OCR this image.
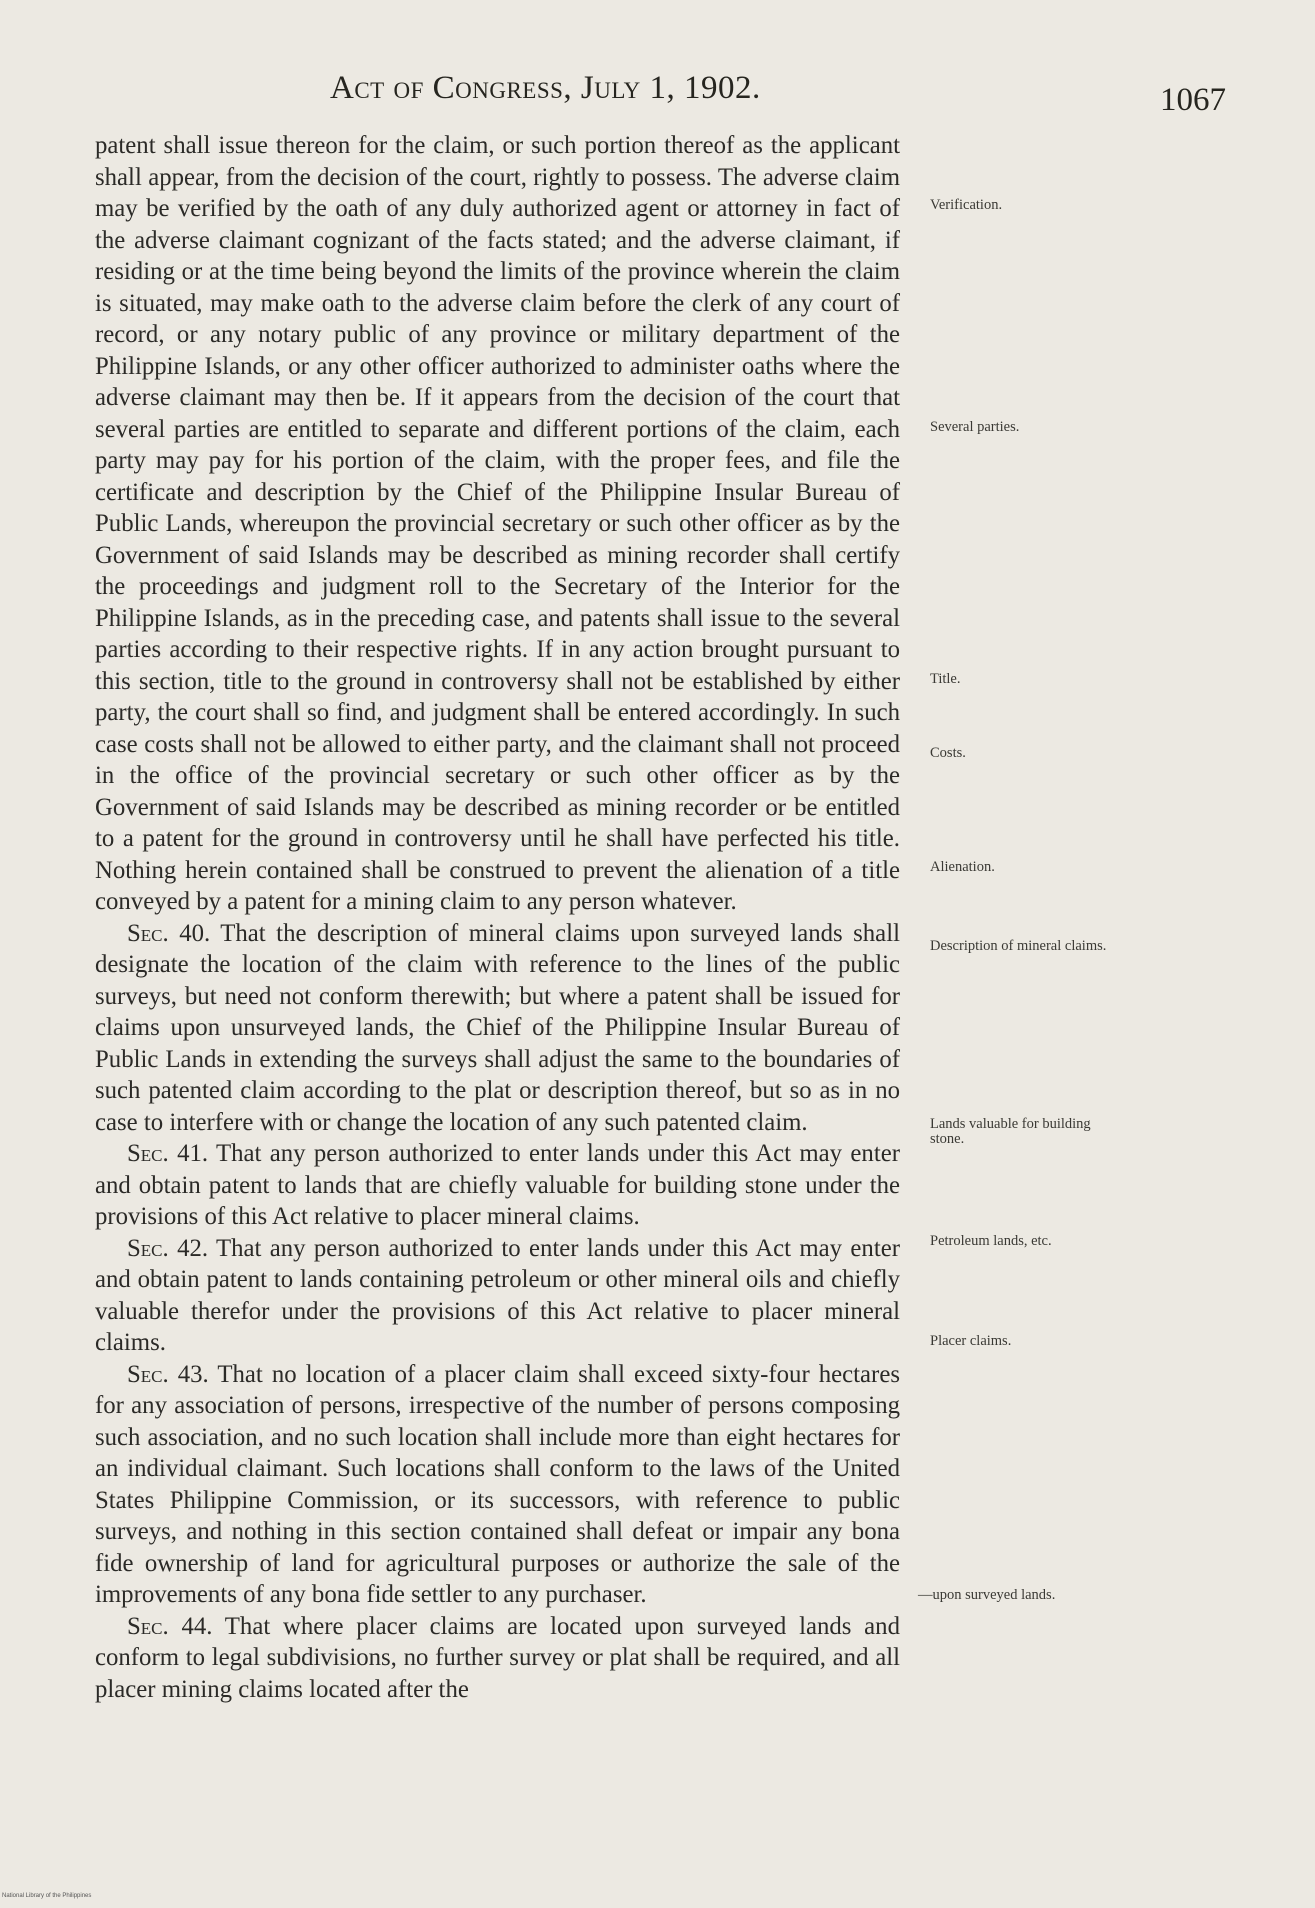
Act of Congress, July 1, 1902.	1067

patent shall issue thereon for the claim, or such portion thereof as the applicant shall appear, from the decision of the court, rightly to possess. The adverse claim may be verified by the oath of any duly authorized agent or attorney in fact of the adverse claimant cognizant of the facts stated; and the adverse claimant, if residing or at the time being beyond the limits of the province wherein the claim is situated, may make oath to the adverse claim before the clerk of any court of record, or any notary public of any province or military department of the Philippine Islands, or any other officer authorized to administer oaths where the adverse claimant may then be. If it appears from the decision of the court that several parties are entitled to separate and different portions of the claim, each party may pay for his portion of the claim, with the proper fees, and file the certificate and description by the Chief of the Philippine Insular Bureau of Public Lands, whereupon the provincial secretary or such other officer as by the Government of said Islands may be described as mining recorder shall certify the proceedings and judgment roll to the Secretary of the Interior for the Philippine Islands, as in the preceding case, and patents shall issue to the several parties according to their respective rights. If in any action brought pursuant to this section, title to the ground in controversy shall not be established by either party, the court shall so find, and judgment shall be entered accordingly. In such case costs shall not be allowed to either party, and the claimant shall not proceed in the office of the provincial secretary or such other officer as by the Government of said Islands may be described as mining recorder or be entitled to a patent for the ground in controversy until he shall have perfected his title. Nothing herein contained shall be construed to prevent the alienation of a title conveyed by a patent for a mining claim to any person whatever.

Sec. 40. That the description of mineral claims upon surveyed lands shall designate the location of the claim with reference to the lines of the public surveys, but need not conform therewith; but where a patent shall be issued for claims upon unsurveyed lands, the Chief of the Philippine Insular Bureau of Public Lands in extending the surveys shall adjust the same to the boundaries of such patented claim according to the plat or description thereof, but so as in no case to interfere with or change the location of any such patented claim.

Sec. 41. That any person authorized to enter lands under this Act may enter and obtain patent to lands that are chiefly valuable for building stone under the provisions of this Act relative to placer mineral claims.

Sec. 42. That any person authorized to enter lands under this Act may enter and obtain patent to lands containing petroleum or other mineral oils and chiefly valuable therefor under the provisions of this Act relative to placer mineral claims.

Sec. 43. That no location of a placer claim shall exceed sixty-four hectares for any association of persons, irrespective of the number of persons composing such association, and no such location shall include more than eight hectares for an individual claimant. Such locations shall conform to the laws of the United States Philippine Commission, or its successors, with reference to public surveys, and nothing in this section contained shall defeat or impair any bona fide ownership of land for agricultural purposes or authorize the sale of the improvements of any bona fide settler to any purchaser.

Sec. 44. That where placer claims are located upon surveyed lands and conform to legal subdivisions, no further survey or plat shall be required, and all placer mining claims located after the

Verification.
Several parties.
Title.
Costs.
Alienation.
Description of mineral claims.
Lands valuable for building stone.
Petroleum lands, etc.
Placer claims.
—upon surveyed lands.
National Library of the Philippines
